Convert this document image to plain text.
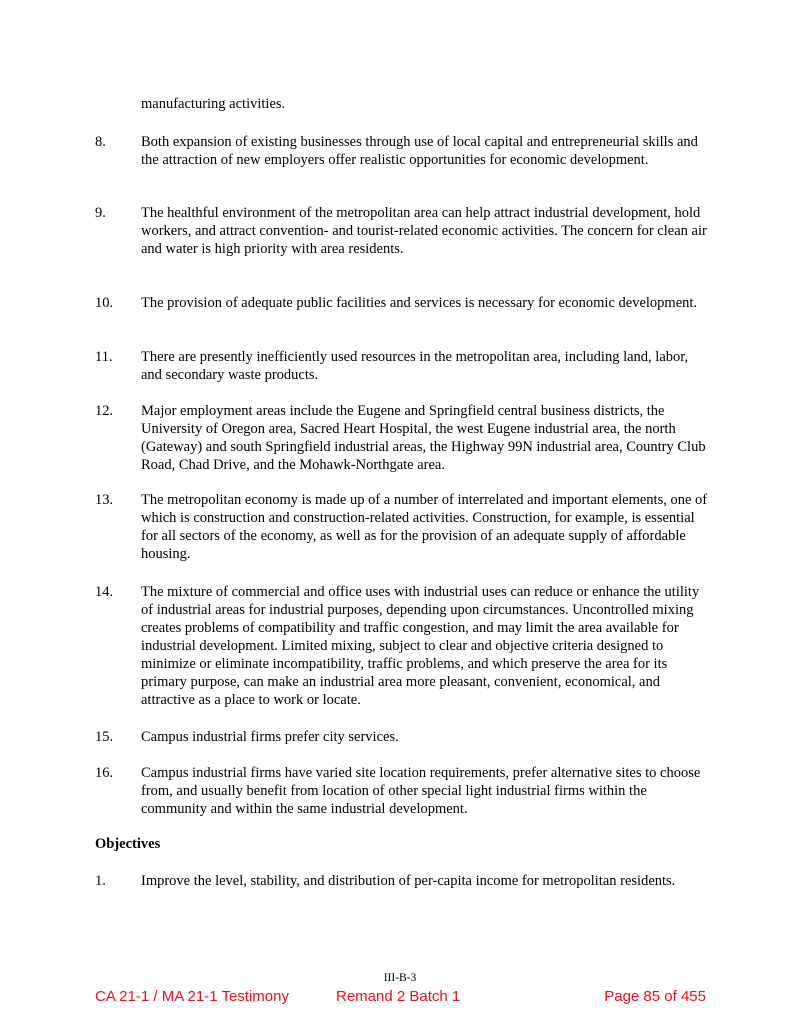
manufacturing activities.
8.	Both expansion of existing businesses through use of local capital and entrepreneurial skills and the attraction of new employers offer realistic opportunities for economic development.
9.	The healthful environment of the metropolitan area can help attract industrial development, hold workers, and attract convention- and tourist-related economic activities. The concern for clean air and water is high priority with area residents.
10.	The provision of adequate public facilities and services is necessary for economic development.
11.	There are presently inefficiently used resources in the metropolitan area, including land, labor, and secondary waste products.
12.	Major employment areas include the Eugene and Springfield central business districts, the University of Oregon area, Sacred Heart Hospital, the west Eugene industrial area, the north (Gateway) and south Springfield industrial areas, the Highway 99N industrial area, Country Club Road, Chad Drive, and the Mohawk-Northgate area.
13.	The metropolitan economy is made up of a number of interrelated and important elements, one of which is construction and construction-related activities. Construction, for example, is essential for all sectors of the economy, as well as for the provision of an adequate supply of affordable housing.
14.	The mixture of commercial and office uses with industrial uses can reduce or enhance the utility of industrial areas for industrial purposes, depending upon circumstances. Uncontrolled mixing creates problems of compatibility and traffic congestion, and may limit the area available for industrial development. Limited mixing, subject to clear and objective criteria designed to minimize or eliminate incompatibility, traffic problems, and which preserve the area for its primary purpose, can make an industrial area more pleasant, convenient, economical, and attractive as a place to work or locate.
15.	Campus industrial firms prefer city services.
16.	Campus industrial firms have varied site location requirements, prefer alternative sites to choose from, and usually benefit from location of other special light industrial firms within the community and within the same industrial development.
Objectives
1.	Improve the level, stability, and distribution of per-capita income for metropolitan residents.
III-B-3
CA 21-1 / MA 21-1 Testimony	Remand 2 Batch 1	Page 85 of 455
